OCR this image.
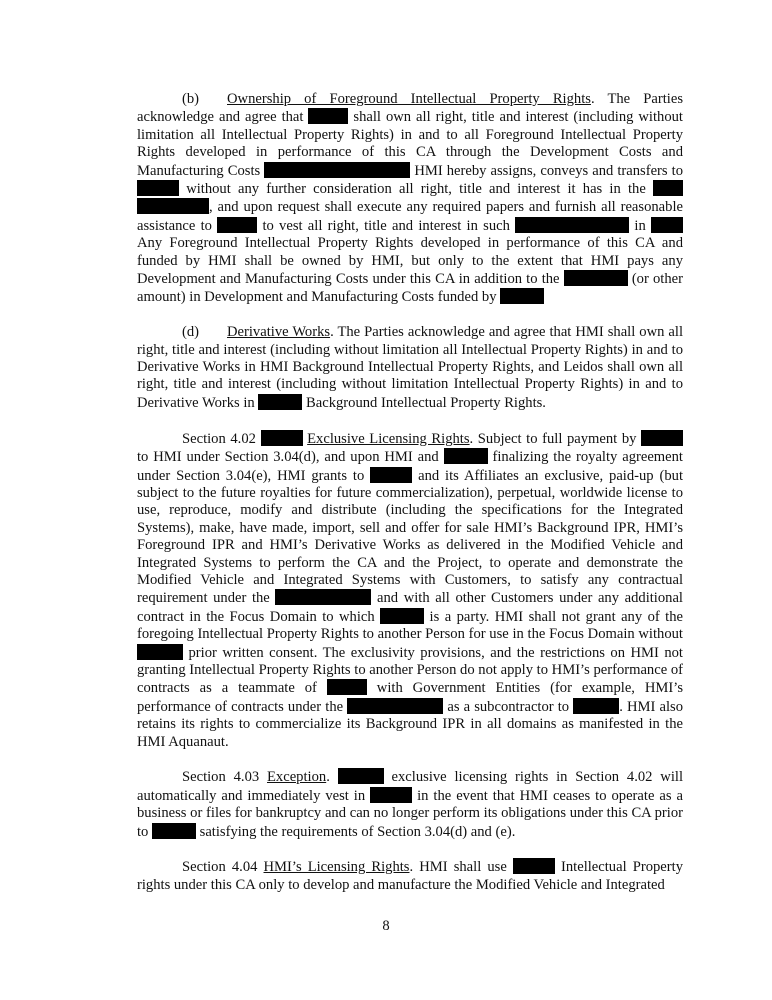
(b) Ownership of Foreground Intellectual Property Rights. The Parties acknowledge and agree that	shall own all right, title and interest (including without limitation all Intellectual Property Rights) in and to all Foreground Intellectual Property Rights developed in performance of this CA through the Development Costs and Manufacturing Costs	HMI hereby assigns, conveys and transfers to  without any further consideration all right, title and interest it has in the  , and upon request shall execute any required papers and furnish all reasonable assistance to	to vest all right, title and interest in such	in  Any Foreground Intellectual Property Rights developed in performance of this CA and funded by HMI shall be owned by HMI, but only to the extent that HMI pays any Development and Manufacturing Costs under this CA in addition to the	(or other amount) in Development and Manufacturing Costs funded by

(d) Derivative Works. The Parties acknowledge and agree that HMI shall own all right, title and interest (including without limitation all Intellectual Property Rights) in and to Derivative Works in HMI Background Intellectual Property Rights, and Leidos shall own all right, title and interest (including without limitation Intellectual Property Rights) in and to Derivative Works in	Background Intellectual Property Rights.

Section 4.02	Exclusive Licensing Rights. Subject to full payment by  to HMI under Section 3.04(d), and upon HMI and	finalizing the royalty agreement under Section 3.04(e), HMI grants to	and its Affiliates an exclusive, paid-up (but subject to the future royalties for future commercialization), perpetual, worldwide license to use, reproduce, modify and distribute (including the specifications for the Integrated Systems), make, have made, import, sell and offer for sale HMI’s Background IPR, HMI’s Foreground IPR and HMI’s Derivative Works as delivered in the Modified Vehicle and Integrated Systems to perform the CA and the Project, to operate and demonstrate the Modified Vehicle and Integrated Systems with Customers, to satisfy any contractual requirement under the	and with all other Customers under any additional contract in the Focus Domain to which	is a party. HMI shall not grant any of the foregoing Intellectual Property Rights to another Person for use in the Focus Domain without  prior written consent. The exclusivity provisions, and the restrictions on HMI not granting Intellectual Property Rights to another Person do not apply to HMI’s performance of contracts as a teammate of	with Government Entities (for example, HMI’s performance of contracts under the	as a subcontractor to	. HMI also retains its rights to commercialize its Background IPR in all domains as manifested in the HMI Aquanaut.

Section 4.03 Exception.	exclusive licensing rights in Section 4.02 will automatically and immediately vest in	in the event that HMI ceases to operate as a business or files for bankruptcy and can no longer perform its obligations under this CA prior to	satisfying the requirements of Section 3.04(d) and (e).

Section 4.04 HMI’s Licensing Rights. HMI shall use	Intellectual Property rights under this CA only to develop and manufacture the Modified Vehicle and Integrated

8
